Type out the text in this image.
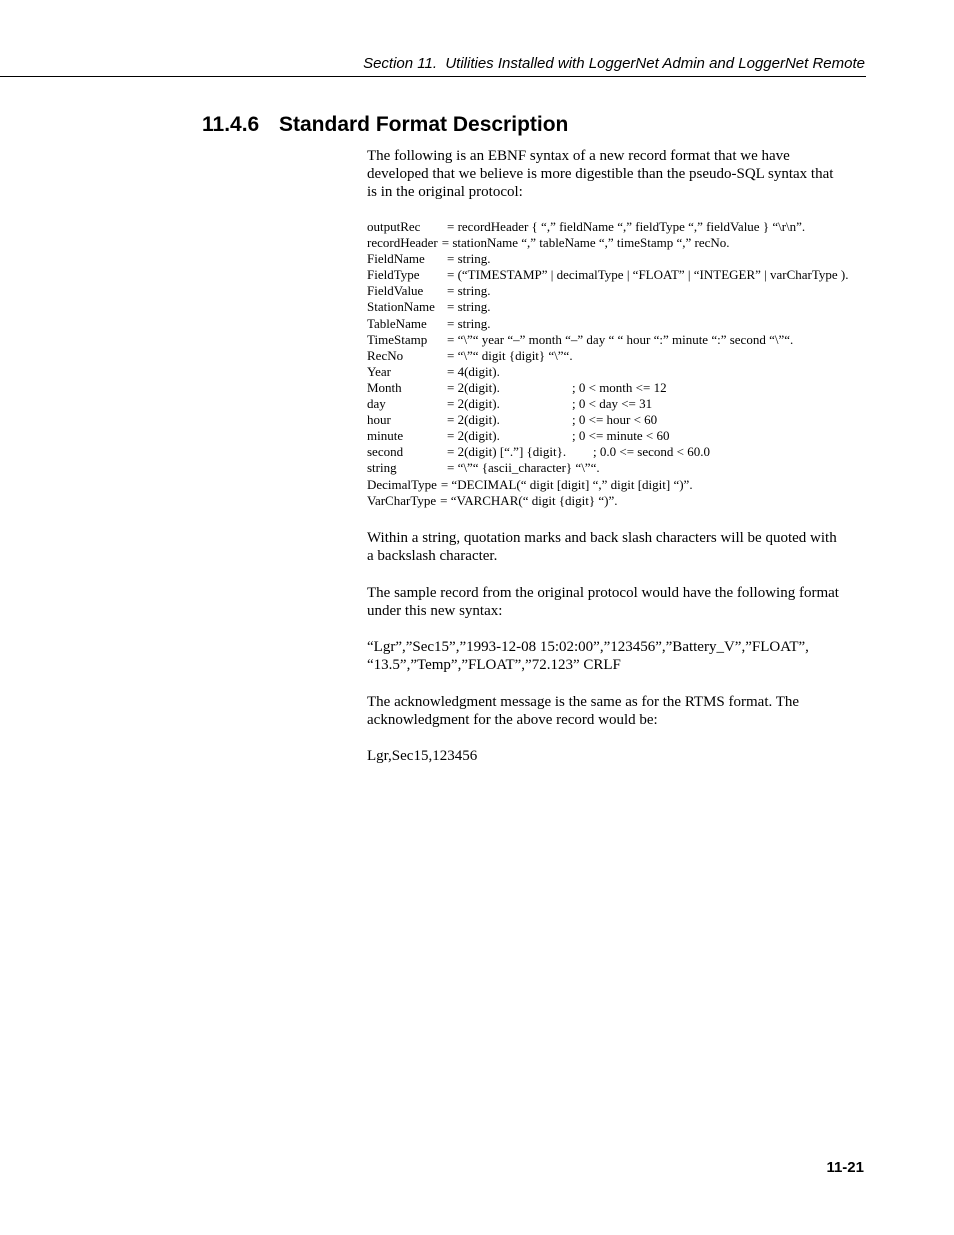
Section 11.  Utilities Installed with LoggerNet Admin and LoggerNet Remote
11.4.6 Standard Format Description

The following is an EBNF syntax of a new record format that we have
developed that we believe is more digestible than the pseudo-SQL syntax that
is in the original protocol:

outputRec = recordHeader { “,” fieldName “,” fieldType “,” fieldValue } “\r\n”.
recordHeader = stationName “,” tableName “,” timeStamp “,” recNo.
FieldName = string.
FieldType = (“TIMESTAMP” | decimalType | “FLOAT” | “INTEGER” | varCharType ).
FieldValue = string.
StationName = string.
TableName = string.
TimeStamp = “\”“ year “–” month “–” day “ “ hour “:” minute “:” second “\”“.
RecNo	= “\”“ digit {digit} “\”“.
Year	= 4(digit).
Month	= 2(digit).	; 0 < month <= 12
day	= 2(digit).	; 0 < day <= 31
hour	= 2(digit).	; 0 <= hour < 60
minute	= 2(digit).	; 0 <= minute < 60
second	= 2(digit) [“.”] {digit}. ; 0.0 <= second < 60.0
string	= “\”“ {ascii_character} “\”“.
DecimalType = “DECIMAL(“ digit [digit] “,” digit [digit] “)”.
VarCharType = “VARCHAR(“ digit {digit} “)”.

Within a string, quotation marks and back slash characters will be quoted with
a backslash character.

The sample record from the original protocol would have the following format
under this new syntax:

“Lgr”,”Sec15”,”1993-12-08 15:02:00”,”123456”,”Battery_V”,”FLOAT”,
“13.5”,”Temp”,”FLOAT”,”72.123” CRLF

The acknowledgment message is the same as for the RTMS format. The
acknowledgment for the above record would be:

Lgr,Sec15,123456

11-21
